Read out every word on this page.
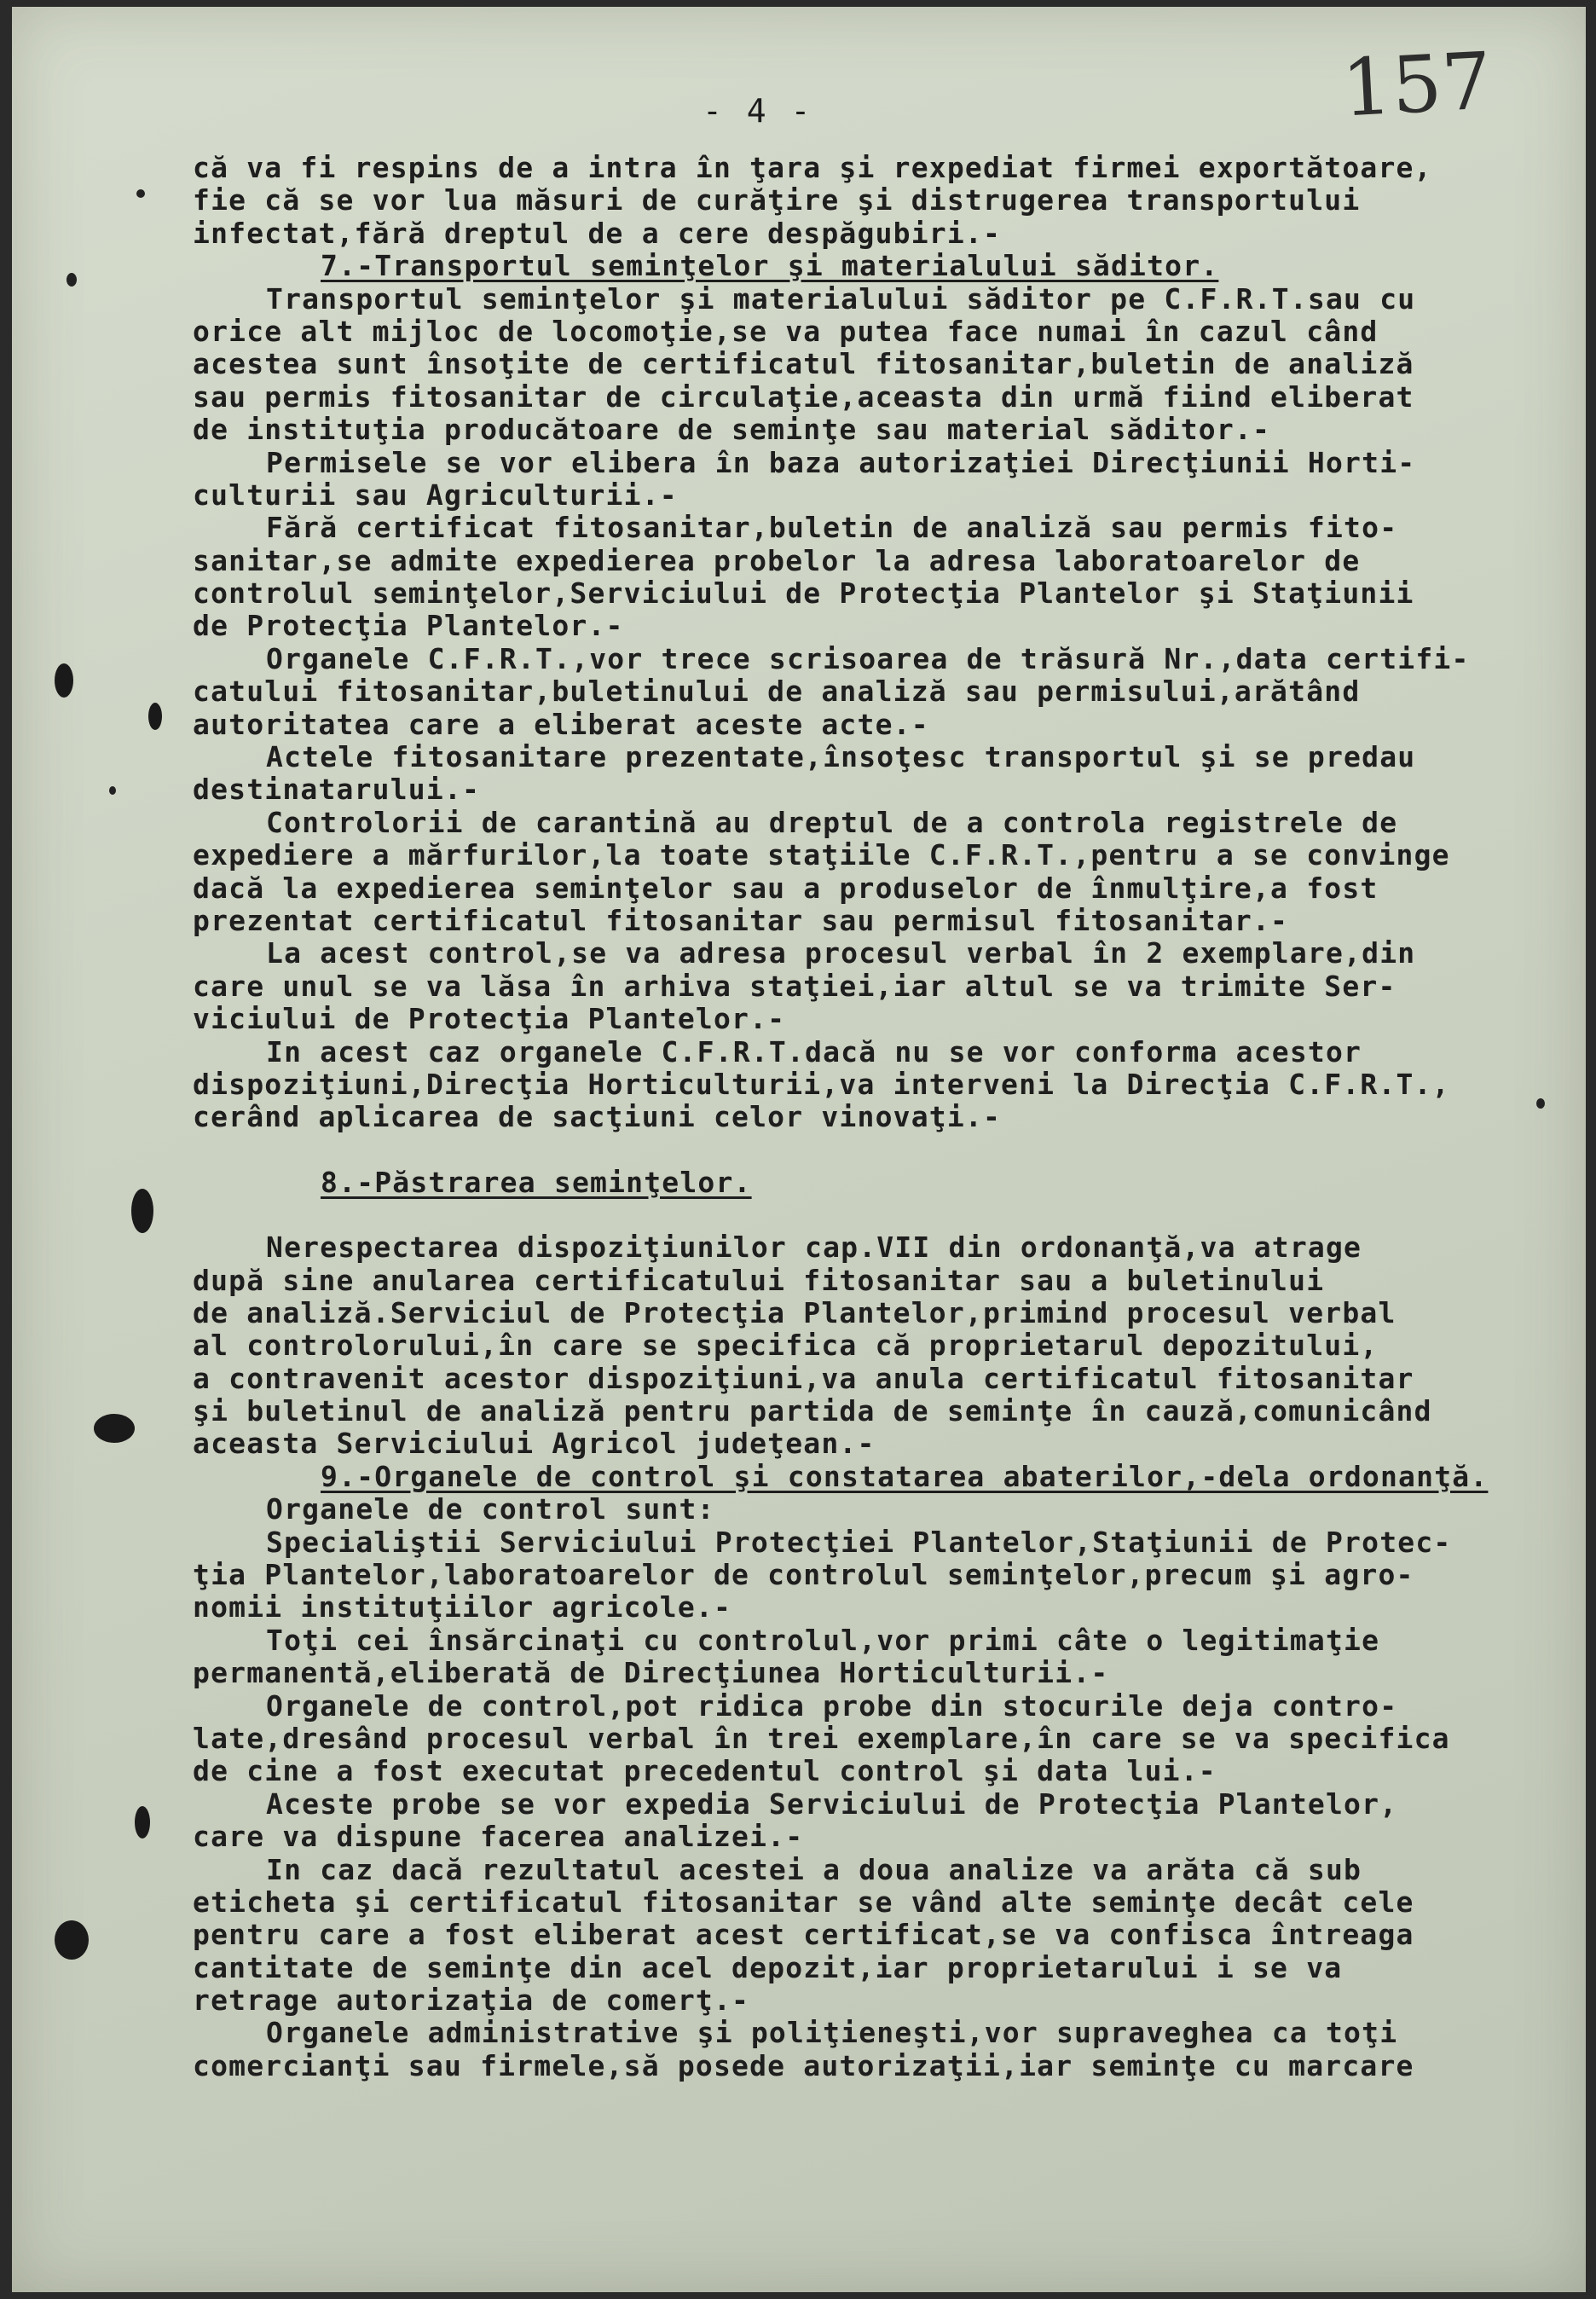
157
- 4 -
că va fi respins de a intra în ţara şi rexpediat firmei exportătoare,
fie că se vor lua măsuri de curăţire şi distrugerea transportului
infectat,fără dreptul de a cere despăgubiri.-
7.-Transportul seminţelor şi materialului săditor.
Transportul seminţelor şi materialului săditor pe C.F.R.T.sau cu
orice alt mijloc de locomoţie,se va putea face numai în cazul când
acestea sunt însoţite de certificatul fitosanitar,buletin de analiză
sau permis fitosanitar de circulaţie,aceasta din urmă fiind eliberat
de instituţia producătoare de seminţe sau material săditor.-
Permisele se vor elibera în baza autorizaţiei Direcţiunii Horti-
culturii sau Agriculturii.-
Fără certificat fitosanitar,buletin de analiză sau permis fito-
sanitar,se admite expedierea probelor la adresa laboratoarelor de
controlul seminţelor,Serviciului de Protecţia Plantelor şi Staţiunii
de Protecţia Plantelor.-
Organele C.F.R.T.,vor trece scrisoarea de trăsură Nr.,data certifi-
catului fitosanitar,buletinului de analiză sau permisului,arătând
autoritatea care a eliberat aceste acte.-
Actele fitosanitare prezentate,însoţesc transportul şi se predau
destinatarului.-
Controlorii de carantină au dreptul de a controla registrele de
expediere a mărfurilor,la toate staţiile C.F.R.T.,pentru a se convinge
dacă la expedierea seminţelor sau a produselor de înmulţire,a fost
prezentat certificatul fitosanitar sau permisul fitosanitar.-
La acest control,se va adresa procesul verbal în 2 exemplare,din
care unul se va lăsa în arhiva staţiei,iar altul se va trimite Ser-
viciului de Protecţia Plantelor.-
In acest caz organele C.F.R.T.dacă nu se vor conforma acestor
dispoziţiuni,Direcţia Horticulturii,va interveni la Direcţia C.F.R.T.,
cerând aplicarea de sacţiuni celor vinovaţi.-
8.-Păstrarea seminţelor.
Nerespectarea dispoziţiunilor cap.VII din ordonanţă,va atrage
după sine anularea certificatului fitosanitar sau a buletinului
de analiză.Serviciul de Protecţia Plantelor,primind procesul verbal
al controlorului,în care se specifica că proprietarul depozitului,
a contravenit acestor dispoziţiuni,va anula certificatul fitosanitar
şi buletinul de analiză pentru partida de seminţe în cauză,comunicând
aceasta Serviciului Agricol judeţean.-
9.-Organele de control şi constatarea abaterilor,-dela ordonanţă.
Organele de control sunt:
Specialiştii Serviciului Protecţiei Plantelor,Staţiunii de Protec-
ţia Plantelor,laboratoarelor de controlul seminţelor,precum şi agro-
nomii instituţiilor agricole.-
Toţi cei însărcinaţi cu controlul,vor primi câte o legitimaţie
permanentă,eliberată de Direcţiunea Horticulturii.-
Organele de control,pot ridica probe din stocurile deja contro-
late,dresând procesul verbal în trei exemplare,în care se va specifica
de cine a fost executat precedentul control şi data lui.-
Aceste probe se vor expedia Serviciului de Protecţia Plantelor,
care va dispune facerea analizei.-
In caz dacă rezultatul acestei a doua analize va arăta că sub
eticheta şi certificatul fitosanitar se vând alte seminţe decât cele
pentru care a fost eliberat acest certificat,se va confisca întreaga
cantitate de seminţe din acel depozit,iar proprietarului i se va
retrage autorizaţia de comerţ.-
Organele administrative şi poliţieneşti,vor supraveghea ca toţi
comercianţi sau firmele,să posede autorizaţii,iar seminţe cu marcare
